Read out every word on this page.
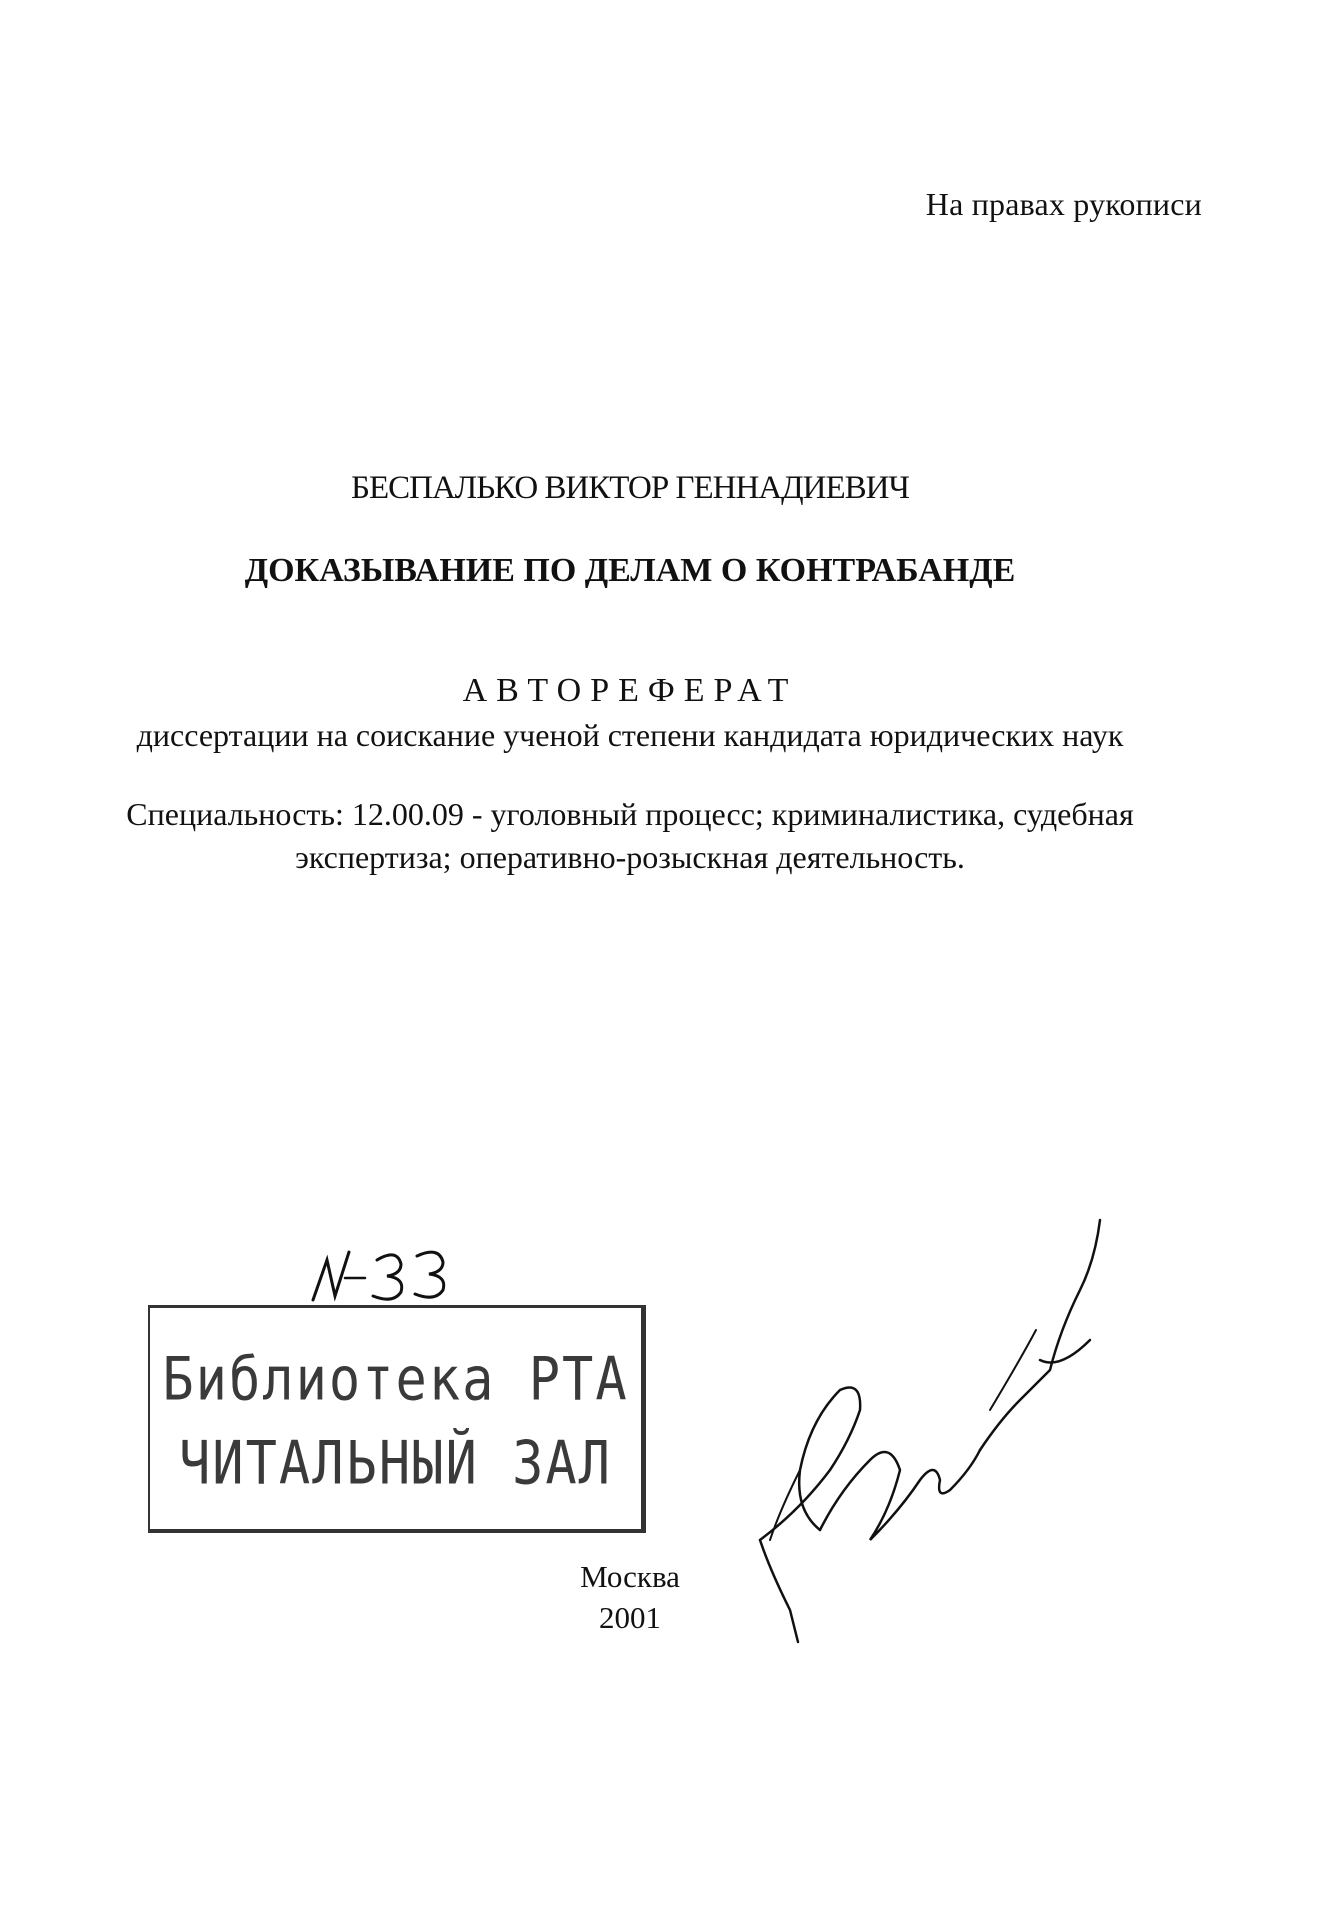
На правах рукописи
БЕСПАЛЬКО ВИКТОР ГЕННАДИЕВИЧ
ДОКАЗЫВАНИЕ ПО ДЕЛАМ О КОНТРАБАНДЕ
АВТОРЕФЕРАТ
диссертации на соискание ученой степени кандидата юридических наук
Специальность: 12.00.09 - уголовный процесс; криминалистика, судебная
экспертиза; оперативно-розыскная деятельность.
Библиотека РТА
ЧИТАЛЬНЫЙ ЗАЛ
Москва
2001
